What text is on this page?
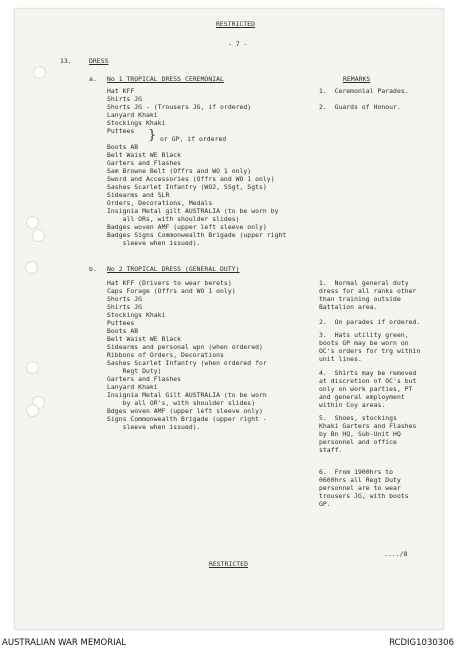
RESTRICTED
- 7 -
13.	DRESS
a. No 1 TROPICAL DRESS CEREMONIAL	REMARKS
Hat KFF
Shirts JG
Shorts JG - (Trousers JG, if ordered)
Lanyard Khaki
Stockings Khaki
Puttees } or GP, if ordered
Boots AB
Belt Waist WE Black
Garters and Flashes
Sam Browne Belt (Offrs and WO 1 only)
Sword and Accessories (Offrs and WO 1 only)
Sashes Scarlet Infantry (WO2, SSgt, Sgts)
Sidearms and SLR
Orders, Decorations, Medals
Insignia Metal gilt AUSTRALIA (to be worn by
all ORs, with shoulder slides)
Badges woven AMF (upper left sleeve only)
Badges Signs Commonwealth Brigade (upper right
sleeve when issued).
1.  Ceremonial Parades.
2.  Guards of Honour.
b. No 2 TROPICAL DRESS (GENERAL DUTY)
Hat KFF (Drivers to wear berets)
Caps Forage (Offrs and WO 1 only)
Shorts JG
Shirts JG
Stockings Khaki
Puttees
Boots AB
Belt Waist WE Black
Sidearms and personal wpn (when ordered)
Ribbons of Orders, Decorations
Sashes Scarlet Infantry (when ordered for
Regt Duty)
Garters and Flashes
Lanyard Khaki
Insignia Metal Gilt AUSTRALIA (to be worn
by all OR's, with shoulder slides)
Bdges woven AMF (upper left sleeve only)
Signs Commonwealth Brigade (upper right -
sleeve when issued).
1.  Normal general duty
dress for all ranks other
than training outside
Battalion area.
2.  On parades if ordered.
3.  Hats utility green,
boots GP may be worn on
OC's orders for trg within
unit lines.
4.  Shirts may be removed
at discretion of OC's but
only on work parties, PT
and general employment
within Coy areas.
5.  Shoes, stockings
Khaki Garters and Flashes
by Bn HQ, Sub-Unit HQ
personnel and office
staff.
6.  From 1900hrs to
0600hrs all Regt Duty
personnel are to wear
trousers JG, with boots
GP.
..../8
RESTRICTED
AUSTRALIAN WAR MEMORIAL	RCDIG1030306
